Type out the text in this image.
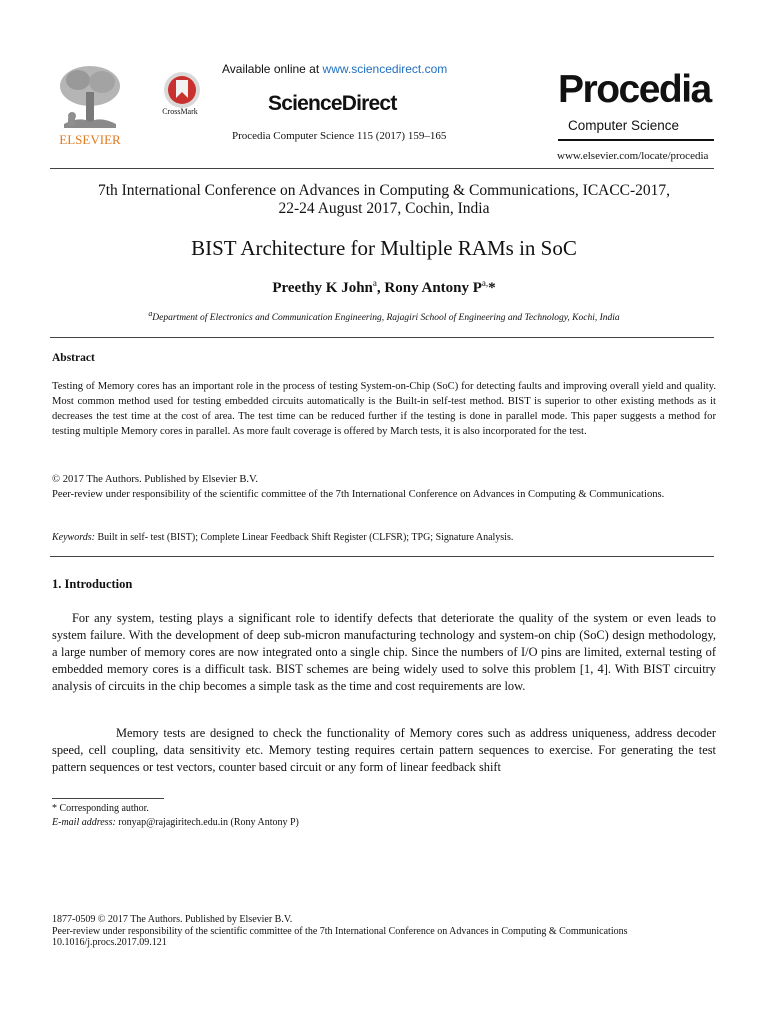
ELSEVIER
CrossMark
Available online at www.sciencedirect.com
ScienceDirect
Procedia Computer Science 115 (2017) 159–165
Procedia
Computer Science
www.elsevier.com/locate/procedia
7th International Conference on Advances in Computing & Communications, ICACC-2017,
22-24 August 2017, Cochin, India
BIST Architecture for Multiple RAMs in SoC
Preethy K John$^a$, Rony Antony $P^{a,}*$
$^a$Department of Electronics and Communication Engineering, Rajagiri School of Engineering and Technology, Kochi, India
Abstract
Testing of Memory cores has an important role in the process of testing System-on-Chip (SoC) for detecting faults and improving overall yield and quality. Most common method used for testing embedded circuits automatically is the Built-in self-test method. BIST is superior to other existing methods as it decreases the test time at the cost of area. The test time can be reduced further if the testing is done in parallel mode. This paper suggests a method for testing multiple Memory cores in parallel. As more fault coverage is offered by March tests, it is also incorporated for the test.
© 2017 The Authors. Published by Elsevier B.V.
Peer-review under responsibility of the scientific committee of the 7th International Conference on Advances in Computing & Communications.
Keywords: Built in self- test (BIST); Complete Linear Feedback Shift Register (CLFSR); TPG; Signature Analysis.
1. Introduction
For any system, testing plays a significant role to identify defects that deteriorate the quality of the system or even leads to system failure. With the development of deep sub-micron manufacturing technology and system-on chip (SoC) design methodology, a large number of memory cores are now integrated onto a single chip. Since the numbers of I/O pins are limited, external testing of embedded memory cores is a difficult task. BIST schemes are being widely used to solve this problem [1, 4]. With BIST circuitry analysis of circuits in the chip becomes a simple task as the time and cost requirements are low.
Memory tests are designed to check the functionality of Memory cores such as address uniqueness, address decoder speed, cell coupling, data sensitivity etc. Memory testing requires certain pattern sequences to exercise. For generating the test pattern sequences or test vectors, counter based circuit or any form of linear feedback shift
* Corresponding author.
E-mail address: ronyap@rajagiritech.edu.in (Rony Antony P)
1877-0509 © 2017 The Authors. Published by Elsevier B.V.
Peer-review under responsibility of the scientific committee of the 7th International Conference on Advances in Computing & Communications
10.1016/j.procs.2017.09.121
